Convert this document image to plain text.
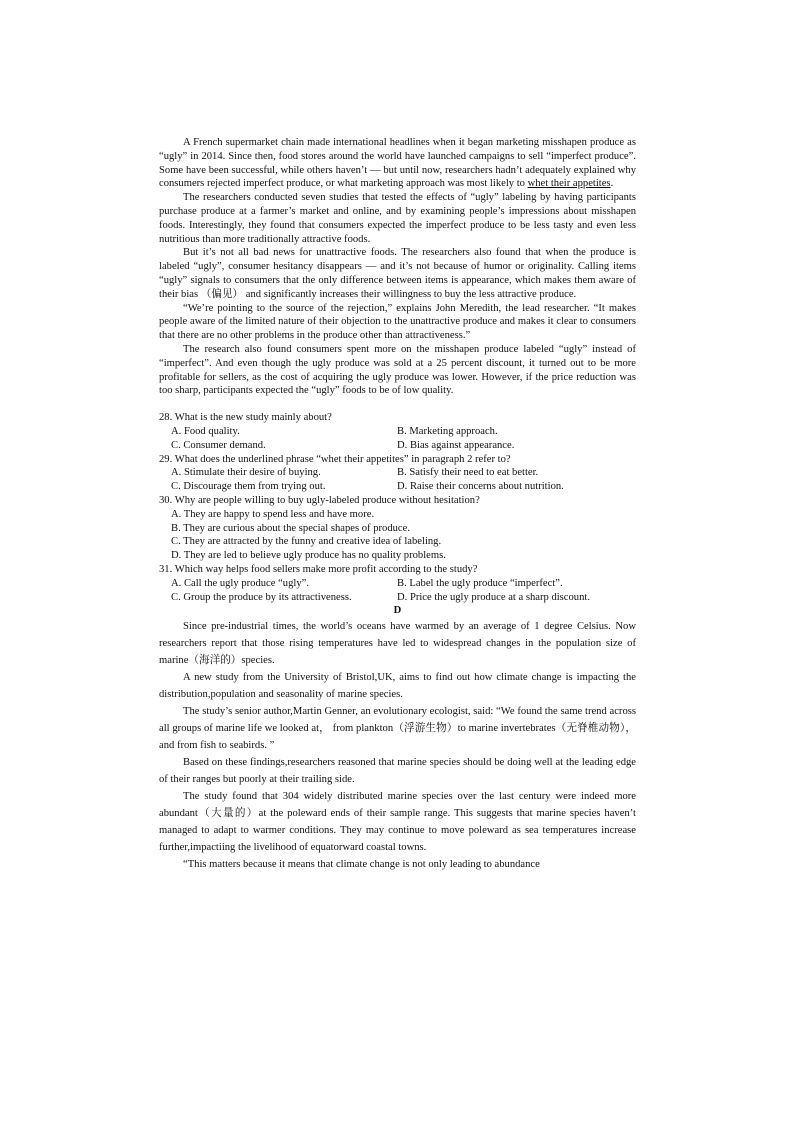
A French supermarket chain made international headlines when it began marketing misshapen produce as “ugly” in 2014. Since then, food stores around the world have launched campaigns to sell “imperfect produce”. Some have been successful, while others haven’t — but until now, researchers hadn’t adequately explained why consumers rejected imperfect produce, or what marketing approach was most likely to whet their appetites.

The researchers conducted seven studies that tested the effects of “ugly” labeling by having participants purchase produce at a farmer’s market and online, and by examining people’s impressions about misshapen foods. Interestingly, they found that consumers expected the imperfect produce to be less tasty and even less nutritious than more traditionally attractive foods.

But it’s not all bad news for unattractive foods. The researchers also found that when the produce is labeled “ugly”, consumer hesitancy disappears — and it’s not because of humor or originality. Calling items “ugly” signals to consumers that the only difference between items is appearance, which makes them aware of their bias （偏见） and significantly increases their willingness to buy the less attractive produce.

“We’re pointing to the source of the rejection,” explains John Meredith, the lead researcher. “It makes people aware of the limited nature of their objection to the unattractive produce and makes it clear to consumers that there are no other problems in the produce other than attractiveness.”

The research also found consumers spent more on the misshapen produce labeled “ugly” instead of “imperfect”. And even though the ugly produce was sold at a 25 percent discount, it turned out to be more profitable for sellers, as the cost of acquiring the ugly produce was lower. However, if the price reduction was too sharp, participants expected the “ugly” foods to be of low quality.

28. What is the new study mainly about?

A. Food quality.	B. Marketing approach.
C. Consumer demand.	D. Bias against appearance.

29. What does the underlined phrase “whet their appetites” in paragraph 2 refer to?

A. Stimulate their desire of buying.	B. Satisfy their need to eat better.
C. Discourage them from trying out.	D. Raise their concerns about nutrition.

30. Why are people willing to buy ugly-labeled produce without hesitation?

A. They are happy to spend less and have more.

B. They are curious about the special shapes of produce.

C. They are attracted by the funny and creative idea of labeling.

D. They are led to believe ugly produce has no quality problems.

31. Which way helps food sellers make more profit according to the study?

A. Call the ugly produce “ugly”.	B. Label the ugly produce “imperfect”.
C. Group the produce by its attractiveness.	D. Price the ugly produce at a sharp discount.

D

Since pre-industrial times, the world’s oceans have warmed by an average of 1 degree Celsius. Now researchers report that those rising temperatures have led to widespread changes in the population size of marine（海洋的）species.

A new study from the University of Bristol,UK, aims to find out how climate change is impacting the distribution,population and seasonality of marine species.

The study’s senior author,Martin Genner, an evolutionary ecologist, said: “We found the same trend across all groups of marine life we looked at， from plankton（浮游生物）to marine invertebrates（无脊椎动物）， and from fish to seabirds. ”

Based on these findings,researchers reasoned that marine species should be doing well at the leading edge of their ranges but poorly at their trailing side.

The study found that 304 widely distributed marine species over the last century were indeed more abundant（大量的）at the poleward ends of their sample range. This suggests that marine species haven’t managed to adapt to warmer conditions. They may continue to move poleward as sea temperatures increase further,impactiing the livelihood of equatorward coastal towns.

“This matters because it means that climate change is not only leading to abundance
